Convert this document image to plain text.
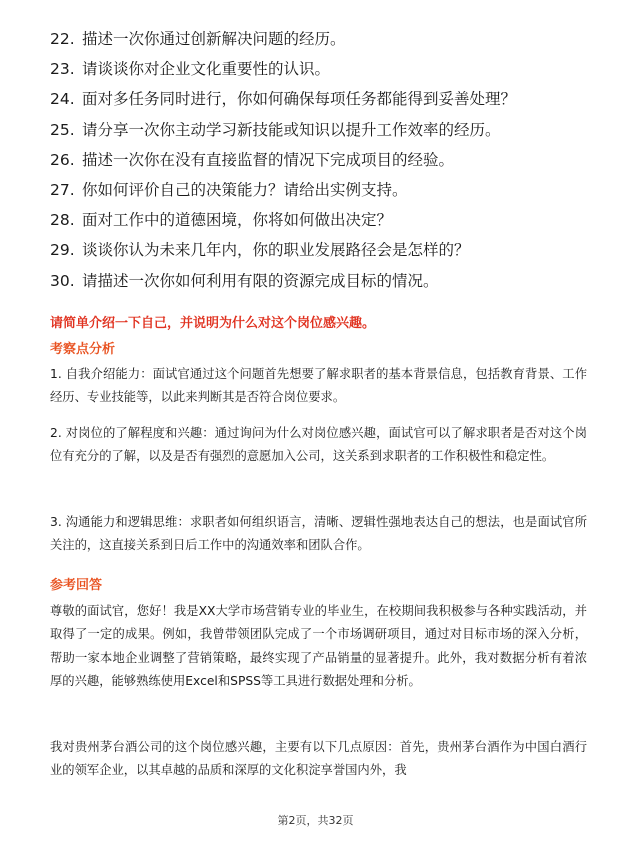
22. 描述一次你通过创新解决问题的经历。
23. 请谈谈你对企业文化重要性的认识。
24. 面对多任务同时进行，你如何确保每项任务都能得到妥善处理？
25. 请分享一次你主动学习新技能或知识以提升工作效率的经历。
26. 描述一次你在没有直接监督的情况下完成项目的经验。
27. 你如何评价自己的决策能力？请给出实例支持。
28. 面对工作中的道德困境，你将如何做出决定？
29. 谈谈你认为未来几年内，你的职业发展路径会是怎样的？
30. 请描述一次你如何利用有限的资源完成目标的情况。
请简单介绍一下自己，并说明为什么对这个岗位感兴趣。
考察点分析
1. 自我介绍能力：面试官通过这个问题首先想要了解求职者的基本背景信息，包括教育背景、工作经历、专业技能等，以此来判断其是否符合岗位要求。
2. 对岗位的了解程度和兴趣：通过询问为什么对岗位感兴趣，面试官可以了解求职者是否对这个岗位有充分的了解，以及是否有强烈的意愿加入公司，这关系到求职者的工作积极性和稳定性。
3. 沟通能力和逻辑思维：求职者如何组织语言，清晰、逻辑性强地表达自己的想法，也是面试官所关注的，这直接关系到日后工作中的沟通效率和团队合作。
参考回答
尊敬的面试官，您好！我是XX大学市场营销专业的毕业生，在校期间我积极参与各种实践活动，并取得了一定的成果。例如，我曾带领团队完成了一个市场调研项目，通过对目标市场的深入分析，帮助一家本地企业调整了营销策略，最终实现了产品销量的显著提升。此外，我对数据分析有着浓厚的兴趣，能够熟练使用Excel和SPSS等工具进行数据处理和分析。
我对贵州茅台酒公司的这个岗位感兴趣，主要有以下几点原因：首先，贵州茅台酒作为中国白酒行业的领军企业，以其卓越的品质和深厚的文化积淀享誉国内外，我
第2页，共32页
